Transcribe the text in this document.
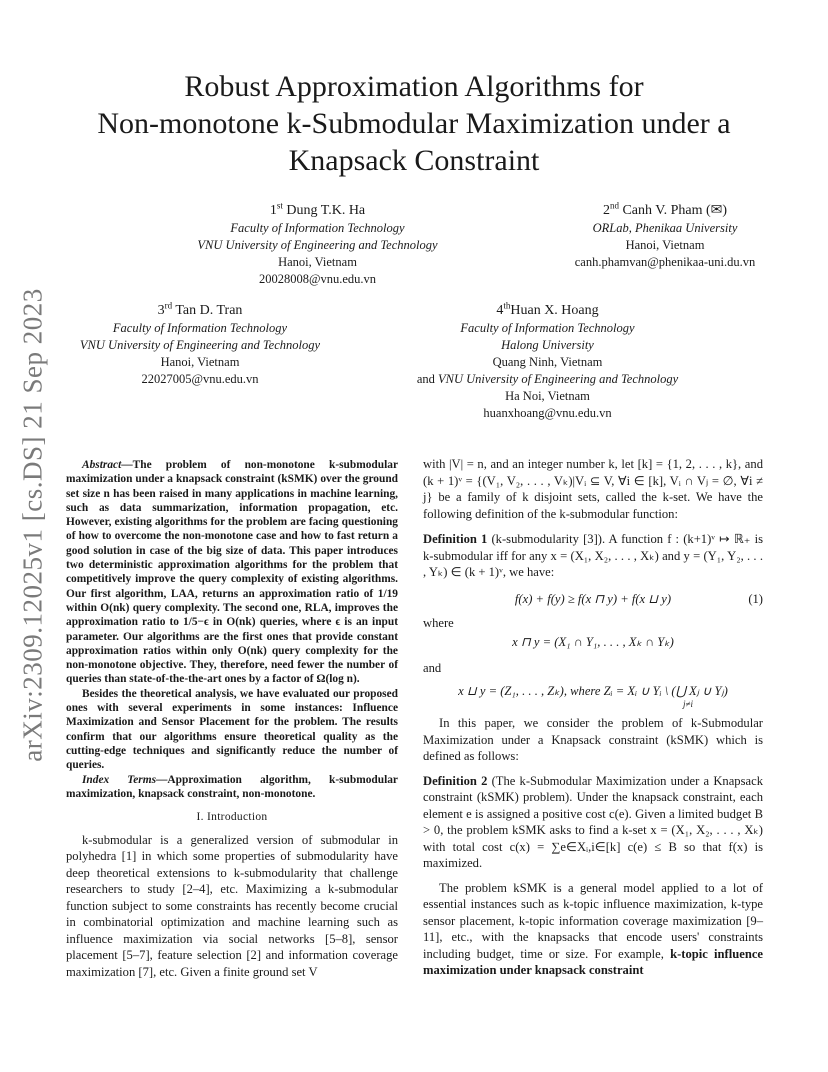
Robust Approximation Algorithms for
Non-monotone k-Submodular Maximization under a
Knapsack Constraint
1st Dung T.K. Ha
Faculty of Information Technology
VNU University of Engineering and Technology
Hanoi, Vietnam
20028008@vnu.edu.vn
2nd Canh V. Pham (✉)
ORLab, Phenikaa University
Hanoi, Vietnam
canh.phamvan@phenikaa-uni.du.vn
3rd Tan D. Tran
Faculty of Information Technology
VNU University of Engineering and Technology
Hanoi, Vietnam
22027005@vnu.edu.vn
4thHuan X. Hoang
Faculty of Information Technology
Halong University
Quang Ninh, Vietnam
and VNU University of Engineering and Technology
Ha Noi, Vietnam
huanxhoang@vnu.edu.vn
arXiv:2309.12025v1 [cs.DS] 21 Sep 2023	Abstract—The problem of non-monotone k-submodular maximization under a knapsack constraint (kSMK) over the ground set size n has been raised in many applications in machine learning, such as data summarization, information propagation, etc. However, existing algorithms for the problem are facing questioning of how to overcome the non-monotone case and how to fast return a good solution in case of the big size of data. This paper introduces two deterministic approximation algorithms for the problem that competitively improve the query complexity of existing algorithms. Our first algorithm, LAA, returns an approximation ratio of 1/19 within O(nk) query complexity. The second one, RLA, improves the approximation ratio to 1/5−ϵ in O(nk) queries, where ϵ is an input parameter. Our algorithms are the first ones that provide constant approximation ratios within only O(nk) query complexity for the non-monotone objective. They, therefore, need fewer the number of queries than state-of-the-the-art ones by a factor of Ω(log n).

Besides the theoretical analysis, we have evaluated our proposed ones with several experiments in some instances: Influence Maximization and Sensor Placement for the problem. The results confirm that our algorithms ensure theoretical quality as the cutting-edge techniques and significantly reduce the number of queries.

Index Terms—Approximation algorithm, k-submodular maximization, knapsack constraint, non-monotone.

I. Introduction

k-submodular is a generalized version of submodular in polyhedra [1] in which some properties of submodularity have deep theoretical extensions to k-submodularity that challenge researchers to study [2–4], etc. Maximizing a k-submodular function subject to some constraints has recently become crucial in combinatorial optimization and machine learning such as influence maximization via social networks [5–8], sensor placement [5–7], feature selection [2] and information coverage maximization [7], etc. Given a finite ground set V

with |V| = n, and an integer number k, let [k] = {1, 2, . . . , k}, and (k + 1)ᵛ = {(V₁, V₂, . . . , Vₖ)|Vᵢ ⊆ V, ∀i ∈ [k], Vᵢ ∩ Vⱼ = ∅, ∀i ≠ j} be a family of k disjoint sets, called the k-set. We have the following definition of the k-submodular function:

Definition 1 (k-submodularity [3]). A function f : (k+1)ᵛ ↦ ℝ₊ is k-submodular iff for any x = (X₁, X₂, . . . , Xₖ) and y = (Y₁, Y₂, . . . , Yₖ) ∈ (k + 1)ᵛ, we have:

f(x) + f(y) ≥ f(x ⊓ y) + f(x ⊔ y)	(1)

where

x ⊓ y = (X₁ ∩ Y₁, . . . , Xₖ ∩ Yₖ)

and

x ⊔ y = (Z₁, . . . , Zₖ), where Zᵢ = Xᵢ ∪ Yᵢ \ (⋃ Xⱼ ∪ Yⱼ)
j≠i

In this paper, we consider the problem of k-Submodular Maximization under a Knapsack constraint (kSMK) which is defined as follows:

Definition 2 (The k-Submodular Maximization under a Knapsack constraint (kSMK) problem). Under the knapsack constraint, each element e is assigned a positive cost c(e). Given a limited budget B > 0, the problem kSMK asks to find a k-set x = (X₁, X₂, . . . , Xₖ) with total cost c(x) = ∑e∈Xᵢ,i∈[k] c(e) ≤ B so that f(x) is maximized.

The problem kSMK is a general model applied to a lot of essential instances such as k-topic influence maximization, k-type sensor placement, k-topic information coverage maximization [9–11], etc., with the knapsacks that encode users' constraints including budget, time or size. For example, k-topic influence maximization under knapsack constraint
